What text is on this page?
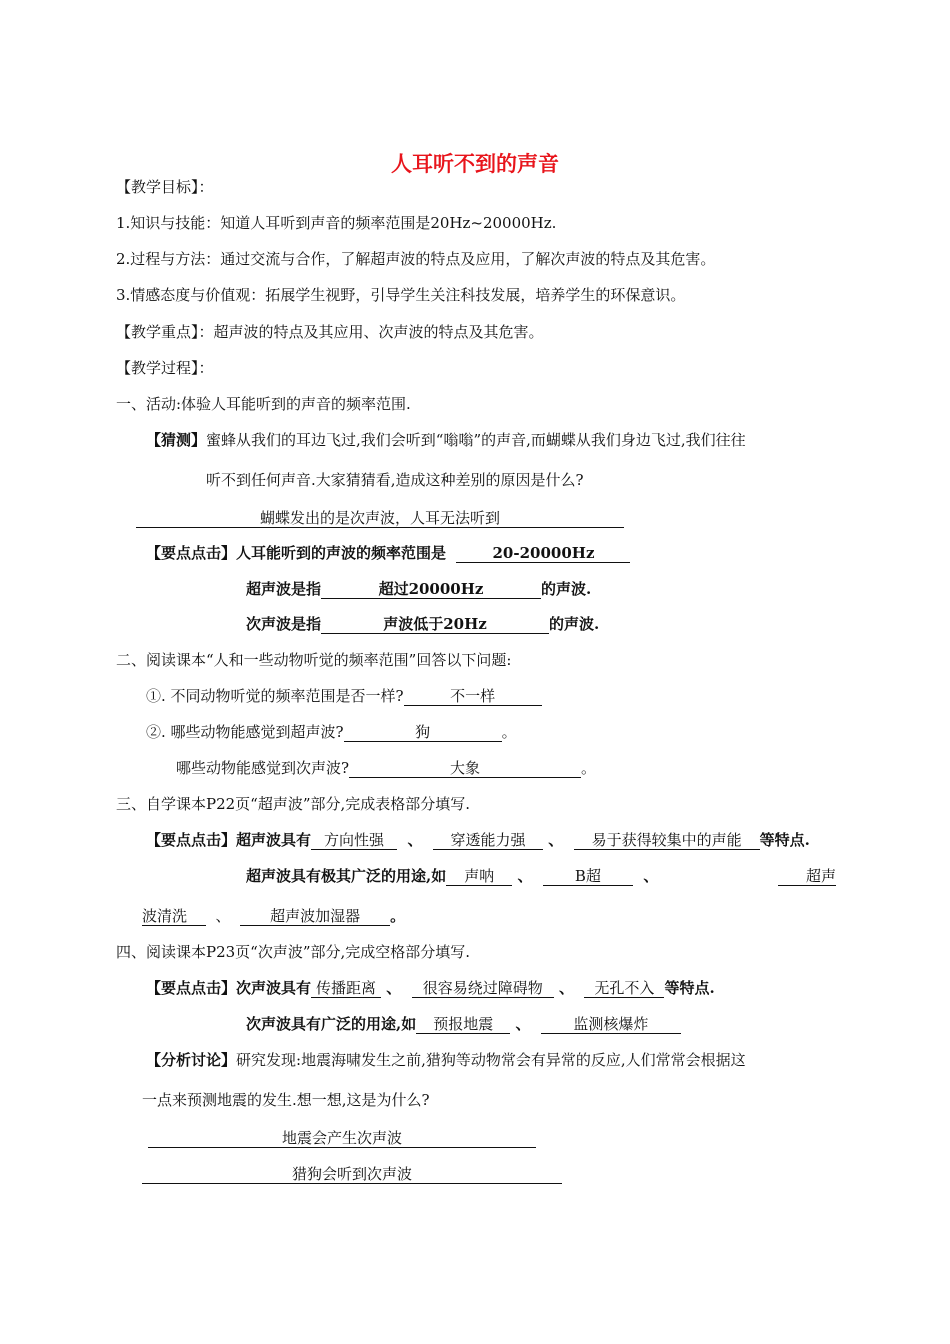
人耳听不到的声音
【教学目标】：
1.知识与技能：知道人耳听到声音的频率范围是20Hz~20000Hz.
2.过程与方法：通过交流与合作，了解超声波的特点及应用，了解次声波的特点及其危害。
3.情感态度与价值观：拓展学生视野，引导学生关注科技发展，培养学生的环保意识。
【教学重点】：超声波的特点及其应用、次声波的特点及其危害。
【教学过程】：
一、活动:体验人耳能听到的声音的频率范围.
【猜测】蜜蜂从我们的耳边飞过,我们会听到“嗡嗡”的声音,而蝴蝶从我们身边飞过,我们往往
听不到任何声音.大家猜猜看,造成这种差别的原因是什么?
蝴蝶发出的是次声波，人耳无法听到
【要点点击】人耳能听到的声波的频率范围是	20-20000Hz
超声波是指	超过20000Hz	的声波.
次声波是指	声波低于20Hz	的声波.
二、阅读课本“人和一些动物听觉的频率范围”回答以下问题:
①. 不同动物听觉的频率范围是否一样?	不一样
②. 哪些动物能感觉到超声波?	狗	。
哪些动物能感觉到次声波?	大象	。
三、自学课本P22页“超声波”部分,完成表格部分填写.
【要点点击】超声波具有 方向性强 、 穿透能力强 、 易于获得较集中的声能 等特点.
超声波具有极其广泛的用途,如 声呐 、	B超	、	超声
波清洗 、	超声波加湿器 。
四、阅读课本P23页“次声波”部分,完成空格部分填写.
【要点点击】次声波具有 传播距离 、 很容易绕过障碍物 、 无孔不入 等特点.
次声波具有广泛的用途,如 预报地震 、	监测核爆炸
【分析讨论】研究发现:地震海啸发生之前,猎狗等动物常会有异常的反应,人们常常会根据这
一点来预测地震的发生.想一想,这是为什么?
地震会产生次声波
猎狗会听到次声波
